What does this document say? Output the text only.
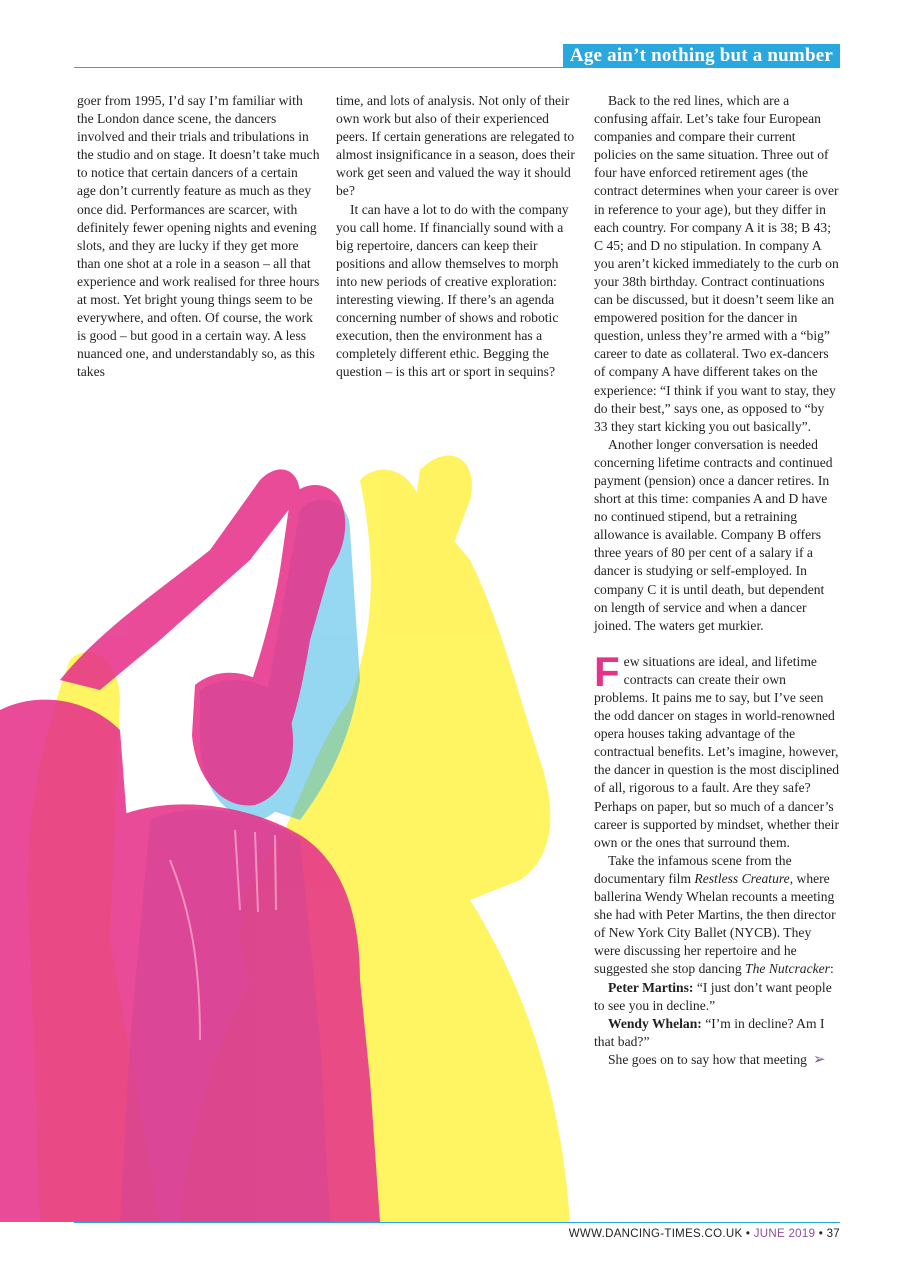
Age ain’t nothing but a number

goer from 1995, I’d say I’m familiar with the London dance scene, the dancers involved and their trials and tribulations in the studio and on stage. It doesn’t take much to notice that certain dancers of a certain age don’t currently feature as much as they once did. Performances are scarcer, with definitely fewer opening nights and evening slots, and they are lucky if they get more than one shot at a role in a season – all that experience and work realised for three hours at most. Yet bright young things seem to be everywhere, and often. Of course, the work is good – but good in a certain way. A less nuanced one, and understandably so, as this takes

time, and lots of analysis. Not only of their own work but also of their experienced peers. If certain generations are relegated to almost insignificance in a season, does their work get seen and valued the way it should be?

It can have a lot to do with the company you call home. If financially sound with a big repertoire, dancers can keep their positions and allow themselves to morph into new periods of creative exploration: interesting viewing. If there’s an agenda concerning number of shows and robotic execution, then the environment has a completely different ethic. Begging the question – is this art or sport in sequins?

Back to the red lines, which are a confusing affair. Let’s take four European companies and compare their current policies on the same situation. Three out of four have enforced retirement ages (the contract determines when your career is over in reference to your age), but they differ in each country. For company A it is 38; B 43; C 45; and D no stipulation. In company A you aren’t kicked immediately to the curb on your 38th birthday. Contract continuations can be discussed, but it doesn’t seem like an empowered position for the dancer in question, unless they’re armed with a “big” career to date as collateral. Two ex-dancers of company A have different takes on the experience: “I think if you want to stay, they do their best,” says one, as opposed to “by 33 they start kicking you out basically”.

Another longer conversation is needed concerning lifetime contracts and continued payment (pension) once a dancer retires. In short at this time: companies A and D have no continued stipend, but a retraining allowance is available. Company B offers three years of 80 per cent of a salary if a dancer is studying or self-employed. In company C it is until death, but dependent on length of service and when a dancer joined. The waters get murkier.

Few situations are ideal, and lifetime contracts can create their own problems. It pains me to say, but I’ve seen the odd dancer on stages in world-renowned opera houses taking advantage of the contractual benefits. Let’s imagine, however, the dancer in question is the most disciplined of all, rigorous to a fault. Are they safe? Perhaps on paper, but so much of a dancer’s career is supported by mindset, whether their own or the ones that surround them.

Take the infamous scene from the documentary film Restless Creature, where ballerina Wendy Whelan recounts a meeting she had with Peter Martins, the then director of New York City Ballet (NYCB). They were discussing her repertoire and he suggested she stop dancing The Nutcracker:

Peter Martins: “I just don’t want people to see you in decline.”

Wendy Whelan: “I’m in decline? Am I that bad?”

She goes on to say how that meeting ➢

WWW.DANCING-TIMES.CO.UK • JUNE 2019 • 37
